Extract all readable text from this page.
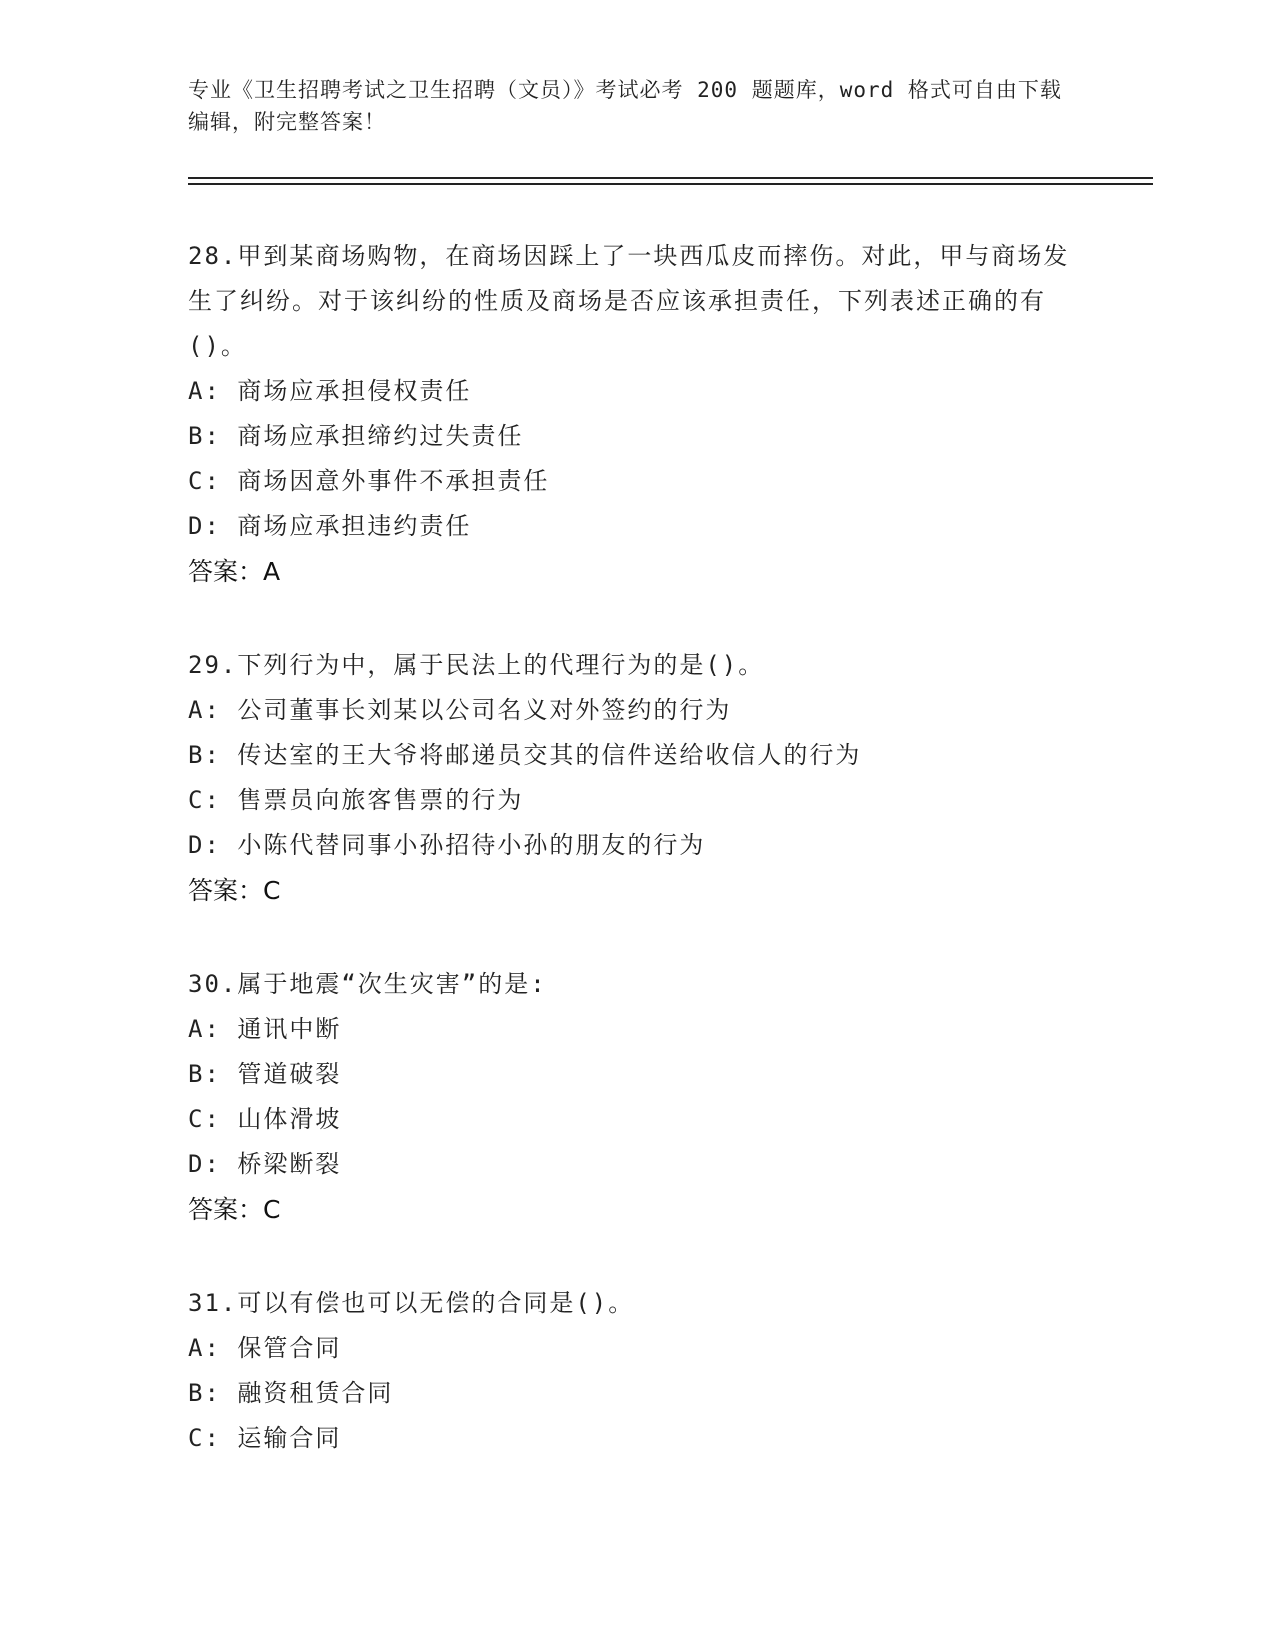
专业《卫生招聘考试之卫生招聘（文员）》考试必考 200 题题库，word 格式可自由下载编辑，附完整答案！

28.甲到某商场购物，在商场因踩上了一块西瓜皮而摔伤。对此，甲与商场发生了纠纷。对于该纠纷的性质及商场是否应该承担责任，下列表述正确的有()。

A: 商场应承担侵权责任
B: 商场应承担缔约过失责任
C: 商场因意外事件不承担责任
D: 商场应承担违约责任
答案：A

29.下列行为中，属于民法上的代理行为的是()。

A: 公司董事长刘某以公司名义对外签约的行为
B: 传达室的王大爷将邮递员交其的信件送给收信人的行为
C: 售票员向旅客售票的行为
D: 小陈代替同事小孙招待小孙的朋友的行为
答案：C

30.属于地震“次生灾害”的是:

A: 通讯中断
B: 管道破裂
C: 山体滑坡
D: 桥梁断裂
答案：C

31.可以有偿也可以无偿的合同是()。

A: 保管合同
B: 融资租赁合同
C: 运输合同
